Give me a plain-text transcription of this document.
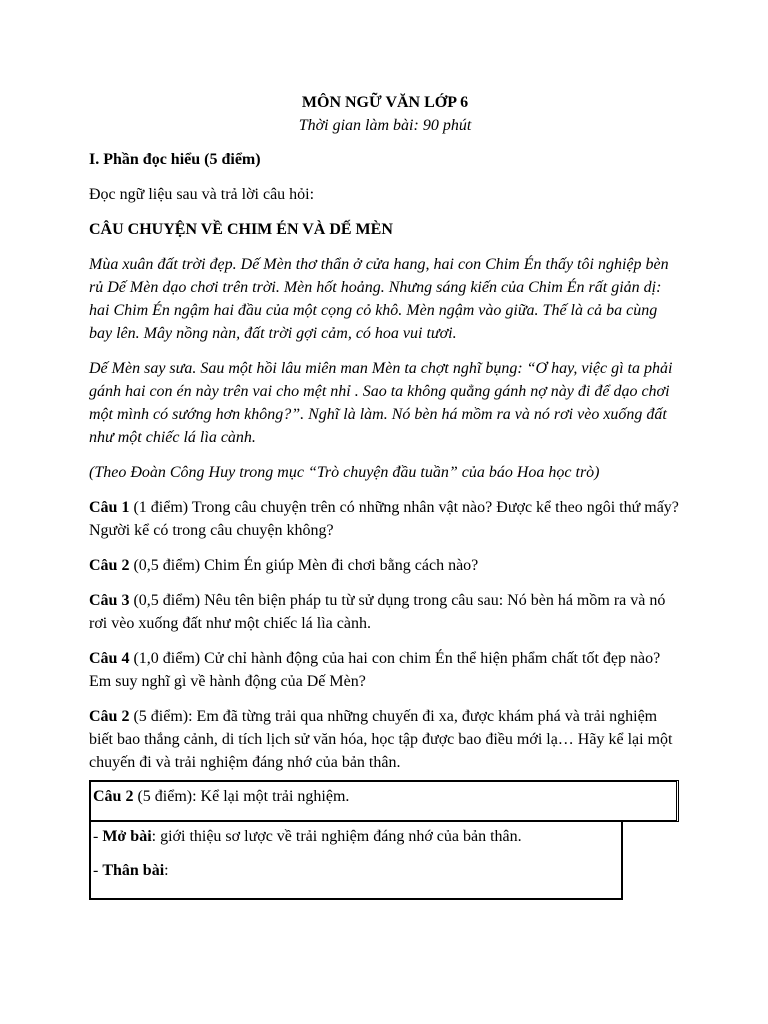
MÔN NGỮ VĂN LỚP 6

Thời gian làm bài: 90 phút

I. Phần đọc hiểu (5 điểm)

Đọc ngữ liệu sau và trả lời câu hỏi:

CÂU CHUYỆN VỀ CHIM ÉN VÀ DẾ MÈN

Mùa xuân đất trời đẹp. Dế Mèn thơ thẩn ở cửa hang, hai con Chim Én thấy tôi nghiệp bèn rủ Dế Mèn dạo chơi trên trời. Mèn hốt hoảng. Nhưng sáng kiến của Chim Én rất giản dị: hai Chim Én ngậm hai đầu của một cọng cỏ khô. Mèn ngậm vào giữa. Thế là cả ba cùng bay lên. Mây nồng nàn, đất trời gợi cảm, có hoa vui tươi.

Dế Mèn say sưa. Sau một hồi lâu miên man Mèn ta chợt nghĩ bụng: “Ơ hay, việc gì ta phải gánh hai con én này trên vai cho mệt nhỉ . Sao ta không quẳng gánh nợ này đi để dạo chơi một mình có sướng hơn không?”. Nghĩ là làm. Nó bèn há mồm ra và nó rơi vèo xuống đất như một chiếc lá lìa cành.

(Theo Đoàn Công Huy trong mục “Trò chuyện đầu tuần” của báo Hoa học trò)

Câu 1 (1 điểm) Trong câu chuyện trên có những nhân vật nào? Được kể theo ngôi thứ mấy? Người kể có trong câu chuyện không?

Câu 2 (0,5 điểm) Chim Én giúp Mèn đi chơi bằng cách nào?

Câu 3 (0,5 điểm) Nêu tên biện pháp tu từ sử dụng trong câu sau: Nó bèn há mồm ra và nó rơi vèo xuống đất như một chiếc lá lìa cành.

Câu 4 (1,0 điểm) Cử chỉ hành động của hai con chim Én thể hiện phẩm chất tốt đẹp nào? Em suy nghĩ gì về hành động của Dế Mèn?

Câu 2 (5 điểm): Em đã từng trải qua những chuyến đi xa, được khám phá và trải nghiệm biết bao thắng cảnh, di tích lịch sử văn hóa, học tập được bao điều mới lạ… Hãy kể lại một chuyến đi và trải nghiệm đáng nhớ của bản thân.

Câu 2 (5 điểm): Kể lại một trải nghiệm.

- Mở bài: giới thiệu sơ lược về trải nghiệm đáng nhớ của bản thân.

- Thân bài:
